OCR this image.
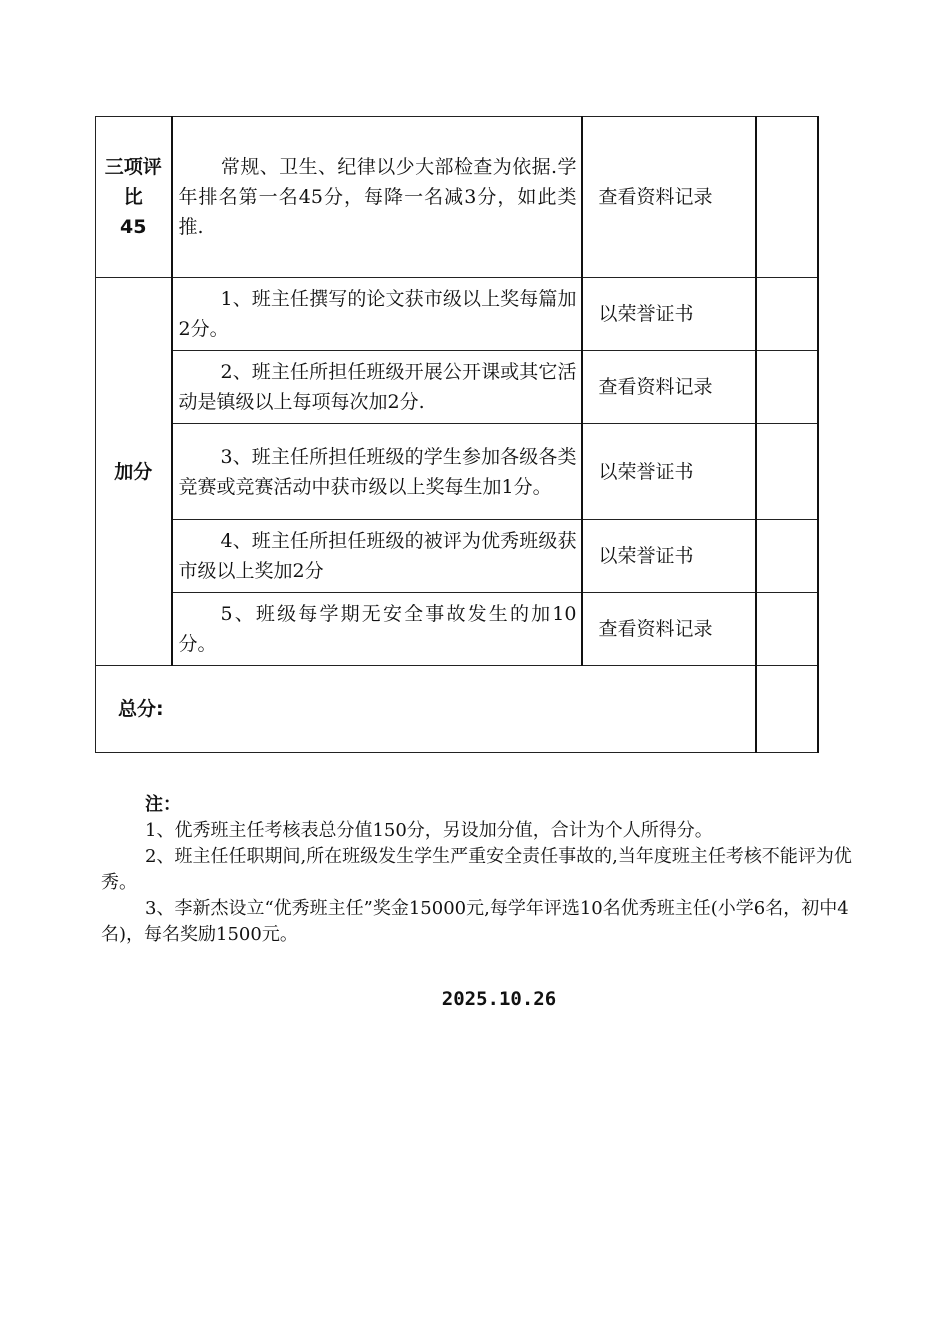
三项评
比
45	常规、卫生、纪律以少大部检查为依据.学年排名第一名45分，每降一名减3分，如此类推.	查看资料记录	
加分	1、班主任撰写的论文获市级以上奖每篇加2分。	以荣誉证书	
	2、班主任所担任班级开展公开课或其它活动是镇级以上每项每次加2分.	查看资料记录	
	3、班主任所担任班级的学生参加各级各类竞赛或竞赛活动中获市级以上奖每生加1分。	以荣誉证书	
	4、班主任所担任班级的被评为优秀班级获市级以上奖加2分	以荣誉证书	
	5、班级每学期无安全事故发生的加10分。	查看资料记录	
总分:			
注：

1、优秀班主任考核表总分值150分，另设加分值，合计为个人所得分。

2、班主任任职期间,所在班级发生学生严重安全责任事故的,当年度班主任考核不能评为优秀。

3、李新杰设立“优秀班主任”奖金15000元,每学年评选10名优秀班主任(小学6名，初中4名)，每名奖励1500元。

2025.10.26
